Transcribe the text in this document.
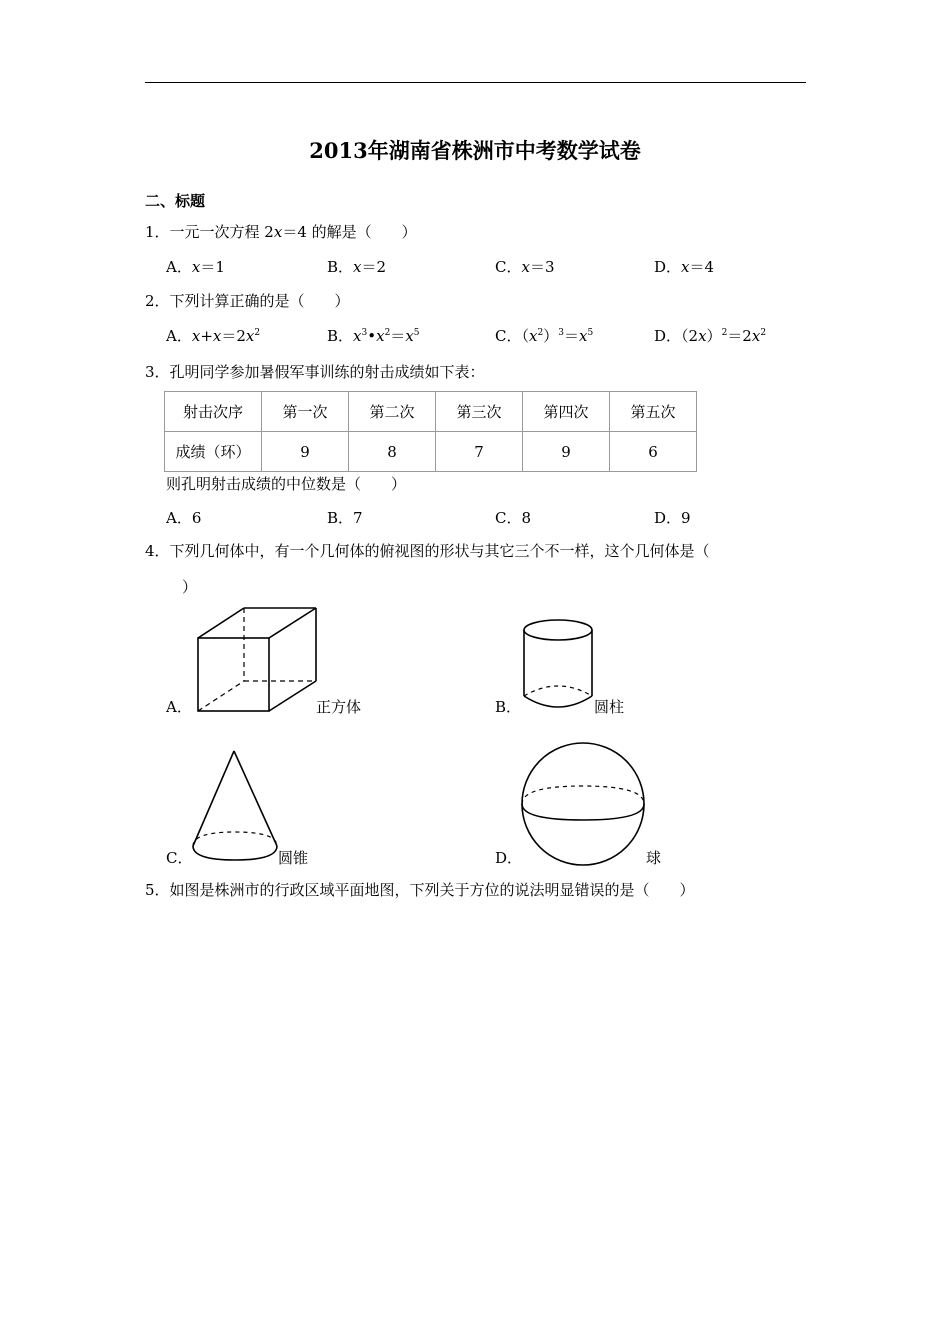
2013年湖南省株洲市中考数学试卷
二、标题
1．一元一次方程 2x＝4 的解是（　　）
A．x＝1	B．x＝2	C．x＝3	D．x＝4
2．下列计算正确的是（　　）
A．$x+x=2x^2$	B．$x^3•x^2=x^5$	C．$(x^2)^3=x^5$	D．$(2x)^2=2x^2$
3．孔明同学参加暑假军事训练的射击成绩如下表：
射击次序	第一次	第二次	第三次	第四次	第五次
成绩（环）	9	8	7	9	6
则孔明射击成绩的中位数是（　　）
A．6	B．7	C．8	D．9
4．下列几何体中，有一个几何体的俯视图的形状与其它三个不一样，这个几何体是（
）
A．	正方体	B．	圆柱
C．	圆锥	D．	球
5．如图是株洲市的行政区域平面地图，下列关于方位的说法明显错误的是（　　）
